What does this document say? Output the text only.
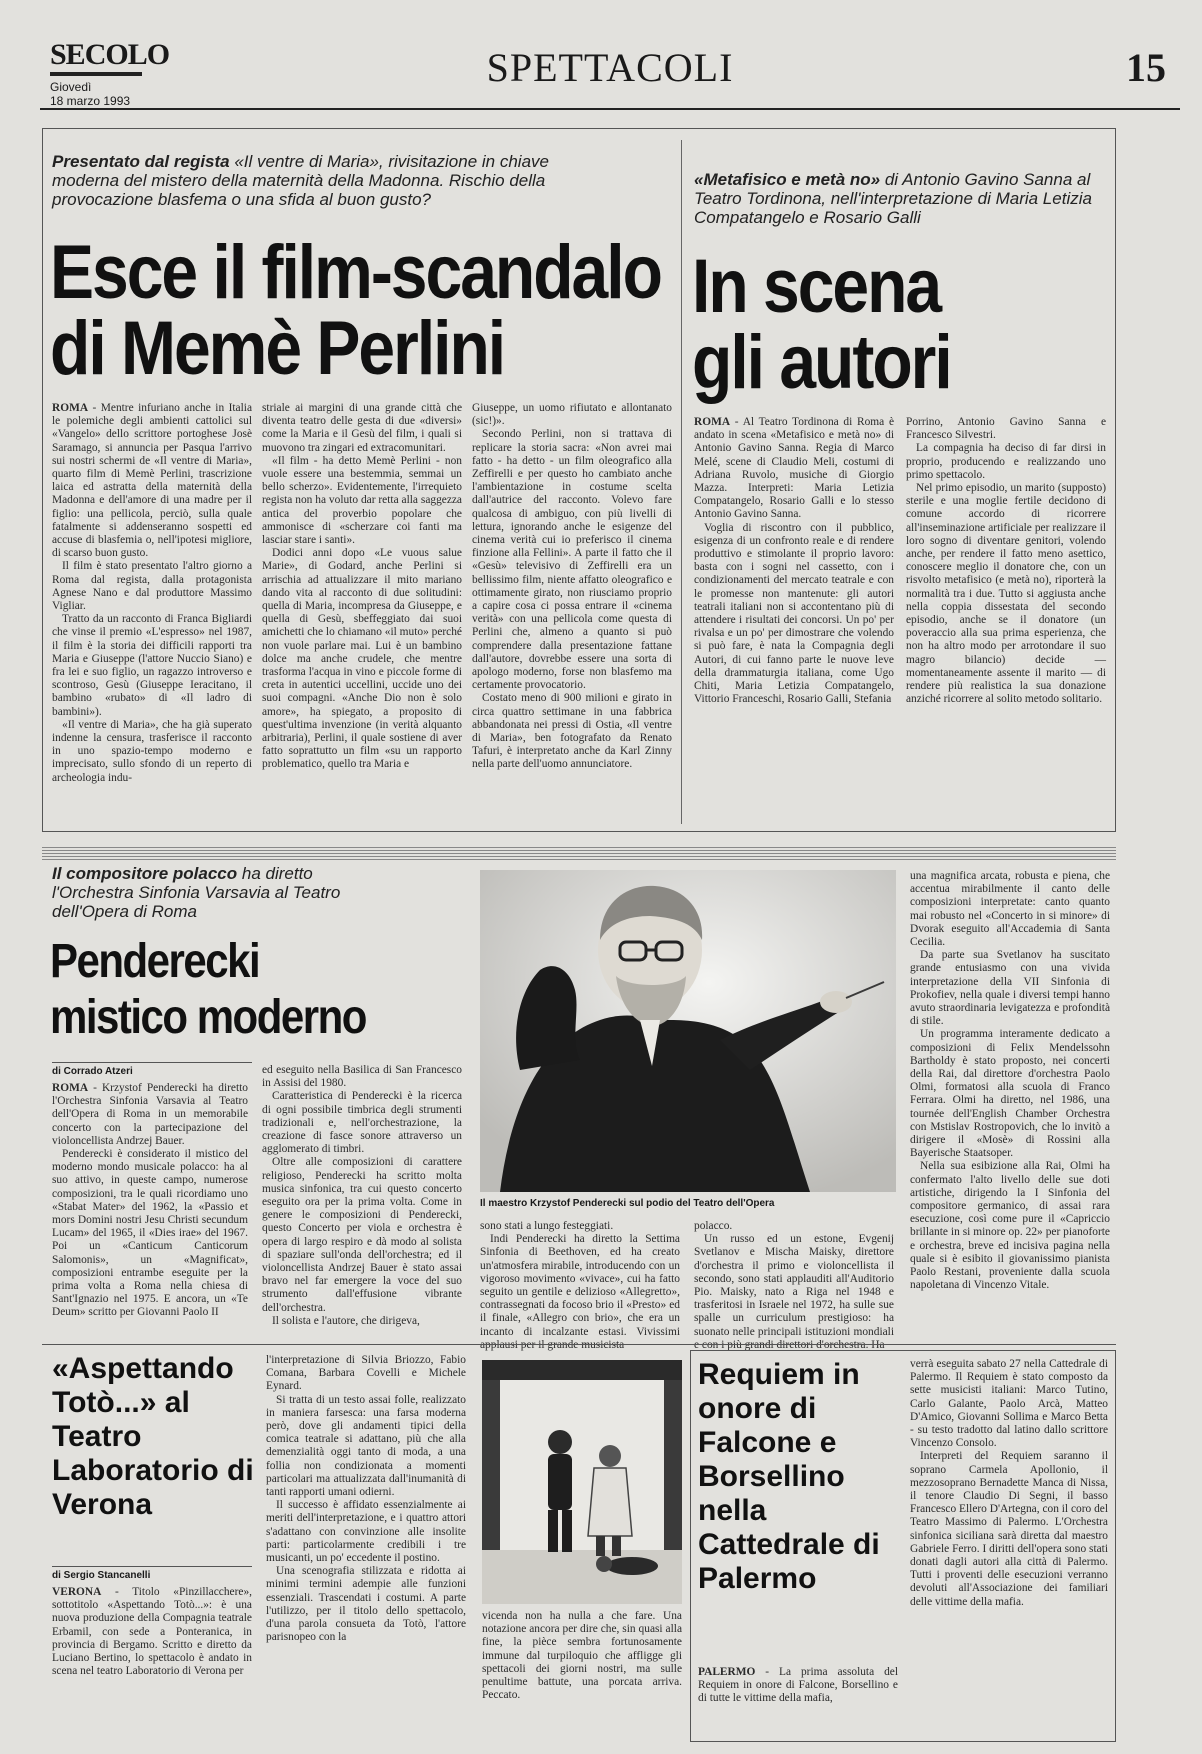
SECOLO
Giovedì
18 marzo 1993
SPETTACOLI	15
Presentato dal regista «Il ventre di Maria», rivisitazione in chiave moderna del mistero della maternità della Madonna. Rischio della provocazione blasfema o una sfida al buon gusto?
Esce il film-scandalo
di Memè Perlini

ROMA - Mentre infuriano anche in Italia le polemiche degli ambienti cattolici sul «Vangelo» dello scrittore portoghese Josè Saramago, si annuncia per Pasqua l'arrivo sui nostri schermi de «Il ventre di Maria», quarto film di Memè Perlini, trascrizione laica ed astratta della maternità della Madonna e dell'amore di una madre per il figlio: una pellicola, perciò, sulla quale fatalmente si addenseranno sospetti ed accuse di blasfemia o, nell'ipotesi migliore, di scarso buon gusto.

Il film è stato presentato l'altro giorno a Roma dal regista, dalla protagonista Agnese Nano e dal produttore Massimo Vigliar.

Tratto da un racconto di Franca Bigliardi che vinse il premio «L'espresso» nel 1987, il film è la storia dei difficili rapporti tra Maria e Giuseppe (l'attore Nuccio Siano) e fra lei e suo figlio, un ragazzo introverso e scontroso, Gesù (Giuseppe Ieracitano, il bambino «rubato» di «Il ladro di bambini»).

«Il ventre di Maria», che ha già superato indenne la censura, trasferisce il racconto in uno spazio-tempo moderno e imprecisato, sullo sfondo di un reperto di archeologia indu-

striale ai margini di una grande città che diventa teatro delle gesta di due «diversi» come la Maria e il Gesù del film, i quali si muovono tra zingari ed extracomunitari.

«Il film - ha detto Memè Perlini - non vuole essere una bestemmia, semmai un bello scherzo». Evidentemente, l'irrequieto regista non ha voluto dar retta alla saggezza antica del proverbio popolare che ammonisce di «scherzare coi fanti ma lasciar stare i santi».

Dodici anni dopo «Le vuous salue Marie», di Godard, anche Perlini si arrischia ad attualizzare il mito mariano dando vita al racconto di due solitudini: quella di Maria, incompresa da Giuseppe, e quella di Gesù, sbeffeggiato dai suoi amichetti che lo chiamano «il muto» perché non vuole parlare mai. Lui è un bambino dolce ma anche crudele, che mentre trasforma l'acqua in vino e piccole forme di creta in autentici uccellini, uccide uno dei suoi compagni. «Anche Dio non è solo amore», ha spiegato, a proposito di quest'ultima invenzione (in verità alquanto arbitraria), Perlini, il quale sostiene di aver fatto soprattutto un film «su un rapporto problematico, quello tra Maria e

Giuseppe, un uomo rifiutato e allontanato (sic!)».

Secondo Perlini, non si trattava di replicare la storia sacra: «Non avrei mai fatto - ha detto - un film oleografico alla Zeffirelli e per questo ho cambiato anche l'ambientazione in costume scelta dall'autrice del racconto. Volevo fare qualcosa di ambiguo, con più livelli di lettura, ignorando anche le esigenze del cinema verità cui io preferisco il cinema finzione alla Fellini». A parte il fatto che il «Gesù» televisivo di Zeffirelli era un bellissimo film, niente affatto oleografico e ottimamente girato, non riusciamo proprio a capire cosa ci possa entrare il «cinema verità» con una pellicola come questa di Perlini che, almeno a quanto si può comprendere dalla presentazione fattane dall'autore, dovrebbe essere una sorta di apologo moderno, forse non blasfemo ma certamente provocatorio.

Costato meno di 900 milioni e girato in circa quattro settimane in una fabbrica abbandonata nei pressi di Ostia, «Il ventre di Maria», ben fotografato da Renato Tafuri, è interpretato anche da Karl Zinny nella parte dell'uomo annunciatore.

«Metafisico e metà no» di Antonio Gavino Sanna al Teatro Tordinona, nell'interpretazione di Maria Letizia Compatangelo e Rosario Galli
In scena
gli autori

ROMA - Al Teatro Tordinona di Roma è andato in scena «Metafisico e metà no» di Antonio Gavino Sanna. Regia di Marco Melé, scene di Claudio Meli, costumi di Adriana Ruvolo, musiche di Giorgio Mazza. Interpreti: Maria Letizia Compatangelo, Rosario Galli e lo stesso Antonio Gavino Sanna.

Voglia di riscontro con il pubblico, esigenza di un confronto reale e di rendere produttivo e stimolante il proprio lavoro: basta con i sogni nel cassetto, con i condizionamenti del mercato teatrale e con le promesse non mantenute: gli autori teatrali italiani non si accontentano più di attendere i risultati dei concorsi. Un po' per rivalsa e un po' per dimostrare che volendo si può fare, è nata la Compagnia degli Autori, di cui fanno parte le nuove leve della drammaturgia italiana, come Ugo Chiti, Maria Letizia Compatangelo, Vittorio Franceschi, Rosario Galli, Stefania

Porrino, Antonio Gavino Sanna e Francesco Silvestri.

La compagnia ha deciso di far dirsi in proprio, producendo e realizzando uno primo spettacolo.

Nel primo episodio, un marito (supposto) sterile e una moglie fertile decidono di comune accordo di ricorrere all'inseminazione artificiale per realizzare il loro sogno di diventare genitori, volendo anche, per rendere il fatto meno asettico, conoscere meglio il donatore che, con un risvolto metafisico (e metà no), riporterà la normalità tra i due. Tutto si aggiusta anche nella coppia dissestata del secondo episodio, anche se il donatore (un poveraccio alla sua prima esperienza, che non ha altro modo per arrotondare il suo magro bilancio) decide — momentaneamente assente il marito — di rendere più realistica la sua donazione anziché ricorrere al solito metodo solitario.

Il compositore polacco ha diretto l'Orchestra Sinfonia Varsavia al Teatro dell'Opera di Roma
Penderecki
mistico moderno
di Corrado Atzeri

ROMA - Krzystof Penderecki ha diretto l'Orchestra Sinfonia Varsavia al Teatro dell'Opera di Roma in un memorabile concerto con la partecipazione del violoncellista Andrzej Bauer.

Penderecki è considerato il mistico del moderno mondo musicale polacco: ha al suo attivo, in queste campo, numerose composizioni, tra le quali ricordiamo uno «Stabat Mater» del 1962, la «Passio et mors Domini nostri Jesu Christi secundum Lucam» del 1965, il «Dies irae» del 1967. Poi un «Canticum Canticorum Salomonis», un «Magnificat», composizioni entrambe eseguite per la prima volta a Roma nella chiesa di Sant'Ignazio nel 1975. E ancora, un «Te Deum» scritto per Giovanni Paolo II

ed eseguito nella Basilica di San Francesco in Assisi del 1980.

Caratteristica di Penderecki è la ricerca di ogni possibile timbrica degli strumenti tradizionali e, nell'orchestrazione, la creazione di fasce sonore attraverso un agglomerato di timbri.

Oltre alle composizioni di carattere religioso, Penderecki ha scritto molta musica sinfonica, tra cui questo concerto eseguito ora per la prima volta. Come in genere le composizioni di Penderecki, questo Concerto per viola e orchestra è opera di largo respiro e dà modo al solista di spaziare sull'onda dell'orchestra; ed il violoncellista Andrzej Bauer è stato assai bravo nel far emergere la voce del suo strumento dall'effusione vibrante dell'orchestra.

Il solista e l'autore, che dirigeva,

Il maestro Krzystof Penderecki sul podio del Teatro dell'Opera

sono stati a lungo festeggiati.

Indi Penderecki ha diretto la Settima Sinfonia di Beethoven, ed ha creato un'atmosfera mirabile, introducendo con un vigoroso movimento «vivace», cui ha fatto seguito un gentile e delizioso «Allegretto», contrassegnati da focoso brio il «Presto» ed il finale, «Allegro con brio», che era un incanto di incalzante estasi. Vivissimi

polacco.

Un russo ed un estone, Evgenij Svetlanov e Mischa Maisky, direttore d'orchestra il primo e violoncellista il secondo, sono stati applauditi all'Auditorio Pio. Maisky, nato a Riga nel 1948 e trasferitosi in Israele nel 1972, ha sulle sue spalle un curriculum prestigioso: ha suonato nelle principali istituzioni mondiali

una magnifica arcata, robusta e piena, che accentua mirabilmente il canto delle composizioni interpretate: canto quanto mai robusto nel «Concerto in si minore» di Dvorak eseguito all'Accademia di Santa Cecilia.

Da parte sua Svetlanov ha suscitato grande entusiasmo con una vivida interpretazione della VII Sinfonia di Prokofiev, nella quale i diversi tempi hanno avuto straordinaria levigatezza e profondità di stile.

Un programma interamente dedicato a composizioni di Felix Mendelssohn Bartholdy è stato proposto, nei concerti della Rai, dal direttore d'orchestra Paolo Olmi, formatosi alla scuola di Franco Ferrara. Olmi ha diretto, nel 1986, una tournée dell'English Chamber Orchestra con Mstislav Rostropovich, che lo invitò a dirigere il «Mosè» di Rossini alla Bayerische Staatsoper.

Nella sua esibizione alla Rai, Olmi ha confermato l'alto livello delle sue doti artistiche, dirigendo la I Sinfonia del compositore germanico, di assai rara esecuzione, così come pure il «Capriccio brillante in si minore op. 22» per pianoforte e orchestra, breve ed incisiva pagina nella quale si è esibito il giovanissimo pianista Paolo Restani, proveniente dalla scuola napoletana di Vincenzo Vitale.

«Aspettando Totò...» al Teatro Laboratorio di Verona
di Sergio Stancanelli

VERONA - Titolo «Pinzillacchere», sottotitolo «Aspettando Totò...»: è una nuova produzione della Compagnia teatrale Erbamil, con sede a Ponteranica, in provincia di Bergamo. Scritto e diretto da Luciano Bertino, lo spettacolo è andato in scena nel teatro Laboratorio di Verona per

l'interpretazione di Silvia Briozzo, Fabio Comana, Barbara Covelli e Michele Eynard.

Si tratta di un testo assai folle, realizzato in maniera farsesca: una farsa moderna però, dove gli andamenti tipici della comica teatrale si adattano, più che alla demenzialità oggi tanto di moda, a una follia non condizionata a momenti particolari ma attualizzata dall'inumanità di tanti rapporti umani odierni.

Il successo è affidato essenzialmente ai meriti dell'interpretazione, e i quattro attori s'adattano con convinzione alle insolite parti: particolarmente credibili i tre musicanti, un po' eccedente il postino.

Una scenografia stilizzata e ridotta ai minimi termini adempie alle funzioni essenziali. Trascendati i costumi. A parte l'utilizzo, per il titolo dello spettacolo, d'una parola consueta da Totò, l'attore parisnopeo con la

vicenda non ha nulla a che fare. Una notazione ancora per dire che, sin quasi alla fine, la pièce sembra fortunosamente immune dal turpiloquio che affligge gli spettacoli dei giorni nostri, ma sulle penultime battute, una porcata arriva. Peccato.

Requiem in onore di Falcone e Borsellino nella Cattedrale di Palermo

PALERMO - La prima assoluta del Requiem in onore di Falcone, Borsellino e di tutte le vittime della mafia,

verrà eseguita sabato 27 nella Cattedrale di Palermo. Il Requiem è stato composto da sette musicisti italiani: Marco Tutino, Carlo Galante, Paolo Arcà, Matteo D'Amico, Giovanni Sollima e Marco Betta - su testo tradotto dal latino dallo scrittore Vincenzo Consolo.

Interpreti del Requiem saranno il soprano Carmela Apollonio, il mezzosoprano Bernadette Manca di Nissa, il tenore Claudio Di Segni, il basso Francesco Ellero D'Artegna, con il coro del Teatro Massimo di Palermo. L'Orchestra sinfonica siciliana sarà diretta dal maestro Gabriele Ferro. I diritti dell'opera sono stati donati dagli autori alla città di Palermo. Tutti i proventi delle esecuzioni verranno devoluti all'Associazione dei familiari delle vittime della mafia.
